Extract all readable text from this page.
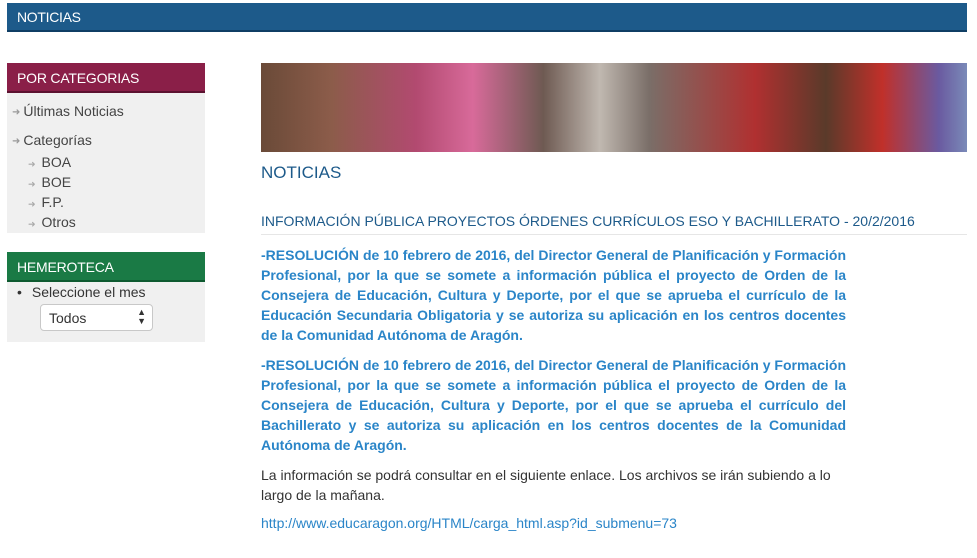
NOTICIAS
POR CATEGORIAS
➜ Últimas Noticias
➜ Categorías
➜ BOA
➜ BOE
➜ F.P.
➜ Otros
HEMEROTECA
• Seleccione el mes
Todos	▲
▼
NOTICIAS
INFORMACIÓN PÚBLICA PROYECTOS ÓRDENES CURRÍCULOS ESO Y BACHILLERATO - 20/2/2016

-RESOLUCIÓN de 10 febrero de 2016, del Director General de Planificación y Formación Profesional, por la que se somete a información pública el proyecto de Orden de la Consejera de Educación, Cultura y Deporte, por el que se aprueba el currículo de la Educación Secundaria Obligatoria y se autoriza su aplicación en los centros docentes de la Comunidad Autónoma de Aragón.

-RESOLUCIÓN de 10 febrero de 2016, del Director General de Planificación y Formación Profesional, por la que se somete a información pública el proyecto de Orden de la Consejera de Educación, Cultura y Deporte, por el que se aprueba el currículo del Bachillerato y se autoriza su aplicación en los centros docentes de la Comunidad Autónoma de Aragón.

La información se podrá consultar en el siguiente enlace. Los archivos se irán subiendo a lo largo de la mañana.

http://www.educaragon.org/HTML/carga_html.asp?id_submenu=73
